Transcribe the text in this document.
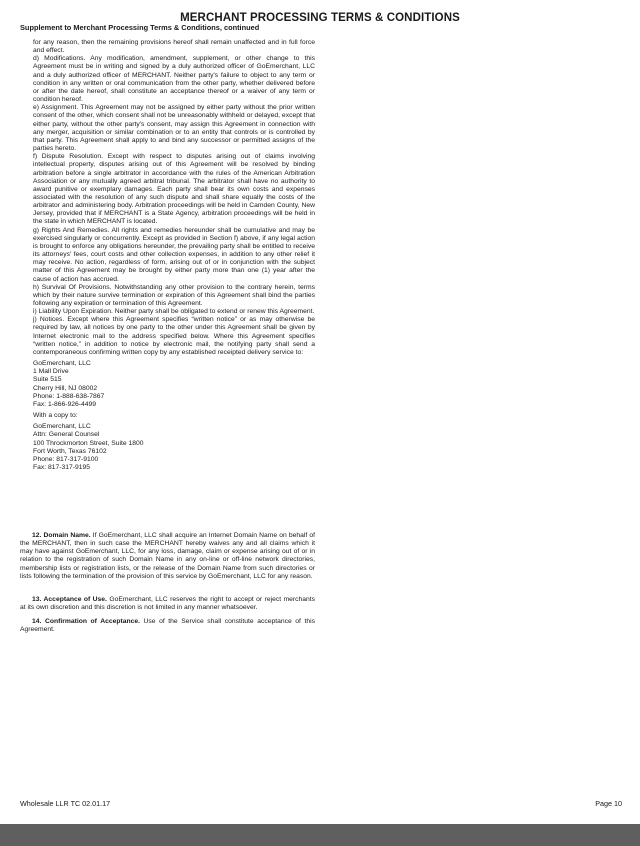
MERCHANT PROCESSING TERMS & CONDITIONS
Supplement to Merchant Processing Terms & Conditions, continued

for any reason, then the remaining provisions hereof shall remain unaffected and in full force and effect.

d) Modifications. Any modification, amendment, supplement, or other change to this Agreement must be in writing and signed by a duly authorized officer of GoEmerchant, LLC and a duly authorized officer of MERCHANT. Neither party's failure to object to any term or condition in any written or oral communication from the other party, whether delivered before or after the date hereof, shall constitute an acceptance thereof or a waiver of any term or condition hereof.

e) Assignment. This Agreement may not be assigned by either party without the prior written consent of the other, which consent shall not be unreasonably withheld or delayed, except that either party, without the other party's consent, may assign this Agreement in connection with any merger, acquisition or similar combination or to an entity that controls or is controlled by that party. This Agreement shall apply to and bind any successor or permitted assigns of the parties hereto.

f) Dispute Resolution. Except with respect to disputes arising out of claims involving intellectual property, disputes arising out of this Agreement will be resolved by binding arbitration before a single arbitrator in accordance with the rules of the American Arbitration Association or any mutually agreed arbitral tribunal. The arbitrator shall have no authority to award punitive or exemplary damages. Each party shall bear its own costs and expenses associated with the resolution of any such dispute and shall share equally the costs of the arbitrator and administering body. Arbitration proceedings will be held in Camden County, New Jersey, provided that if MERCHANT is a State Agency, arbitration proceedings will be held in the state in which MERCHANT is located.

g) Rights And Remedies. All rights and remedies hereunder shall be cumulative and may be exercised singularly or concurrently. Except as provided in Section f) above, if any legal action is brought to enforce any obligations hereunder, the prevailing party shall be entitled to receive its attorneys' fees, court costs and other collection expenses, in addition to any other relief it may receive. No action, regardless of form, arising out of or in conjunction with the subject matter of this Agreement may be brought by either party more than one (1) year after the cause of action has accrued.

h) Survival Of Provisions. Notwithstanding any other provision to the contrary herein, terms which by their nature survive termination or expiration of this Agreement shall bind the parties following any expiration or termination of this Agreement.

i) Liability Upon Expiration. Neither party shall be obligated to extend or renew this Agreement.

j) Notices. Except where this Agreement specifies “written notice” or as may otherwise be required by law, all notices by one party to the other under this Agreement shall be given by Internet electronic mail to the address specified below. Where this Agreement specifies “written notice,” in addition to notice by electronic mail, the notifying party shall send a contemporaneous confirming written copy by any established receipted delivery service to:

GoEmerchant, LLC

1 Mall Drive

Suite 515

Cherry Hill, NJ 08002

Phone: 1-888-638-7867

Fax: 1-866-926-4499

With a copy to:

GoEmerchant, LLC

Attn: General Counsel

100 Throckmorton Street, Suite 1800

Fort Worth, Texas 76102

Phone: 817-317-9100

Fax: 817-317-9195

12. Domain Name. If GoEmerchant, LLC shall acquire an Internet Domain Name on behalf of the MERCHANT, then in such case the MERCHANT hereby waives any and all claims which it may have against GoEmerchant, LLC, for any loss, damage, claim or expense arising out of or in relation to the registration of such Domain Name in any on-line or off-line network directories, membership lists or registration lists, or the release of the Domain Name from such directories or lists following the termination of the provision of this service by GoEmerchant, LLC for any reason.

13. Acceptance of Use. GoEmerchant, LLC reserves the right to accept or reject merchants at its own discretion and this discretion is not limited in any manner whatsoever.

14. Confirmation of Acceptance. Use of the Service shall constitute acceptance of this Agreement.

Wholesale LLR TC 02.01.17	Page 10
